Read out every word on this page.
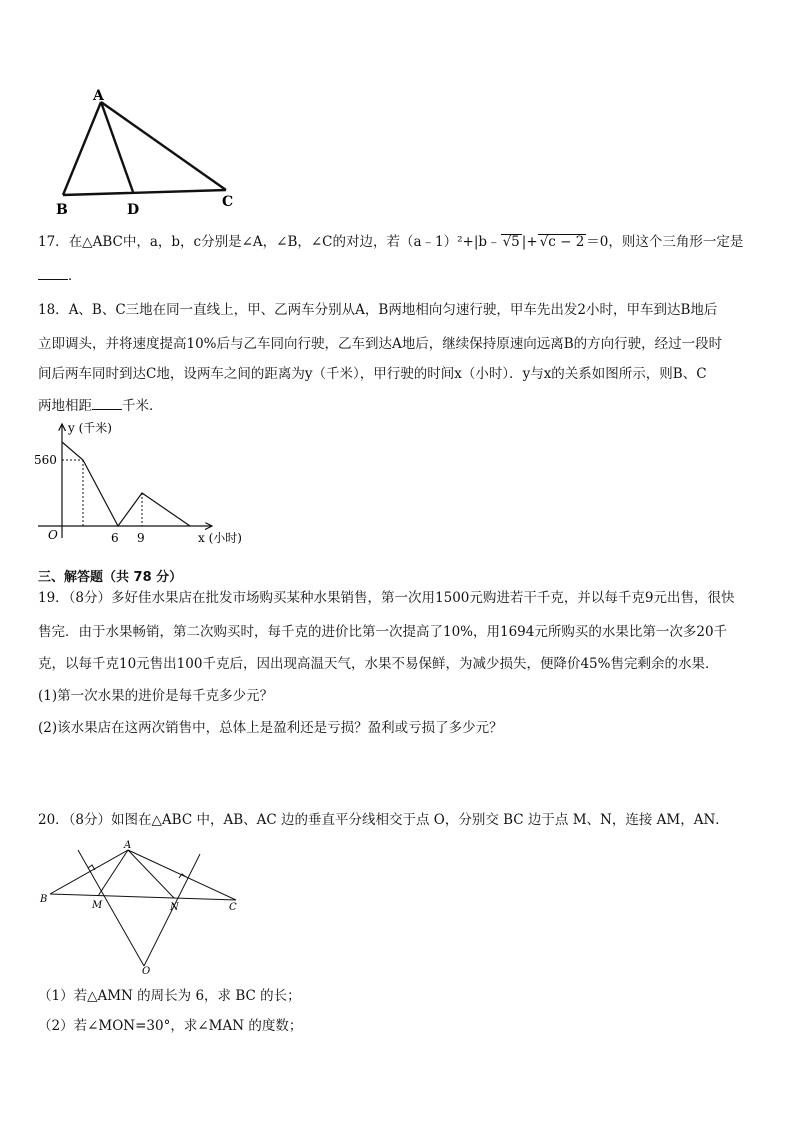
A
B	D	C
17．在△ABC中，a，b，c分别是∠A，∠B，∠C的对边，若（a﹣1）²+|b﹣ √5 |+ √c − 2 ＝0，则这个三角形一定是
．
18．A、B、C三地在同一直线上，甲、乙两车分别从A，B两地相向匀速行驶，甲车先出发2小时，甲车到达B地后
立即调头，并将速度提高10%后与乙车同向行驶，乙车到达A地后，继续保持原速向远离B的方向行驶，经过一段时
间后两车同时到达C地，设两车之间的距离为y（千米），甲行驶的时间x（小时）．y与x的关系如图所示，则B、C
两地相距 千米．
y (千米)
x (小时)
O
560
6 9
三、解答题（共 78 分）
19．（8分）多好佳水果店在批发市场购买某种水果销售，第一次用1500元购进若干千克，并以每千克9元出售，很快
售完．由于水果畅销，第二次购买时，每千克的进价比第一次提高了10%，用1694元所购买的水果比第一次多20千
克，以每千克10元售出100千克后，因出现高温天气，水果不易保鲜，为减少损失，便降价45%售完剩余的水果．
(1)第一次水果的进价是每千克多少元？
(2)该水果店在这两次销售中，总体上是盈利还是亏损？盈利或亏损了多少元？
20．（8分）如图在△ABC 中，AB、AC 边的垂直平分线相交于点 O，分别交 BC 边于点 M、N，连接 AM，AN．
A
B
M	N	C
O
（1）若△AMN 的周长为 6，求 BC 的长；
（2）若∠MON=30°，求∠MAN 的度数；
